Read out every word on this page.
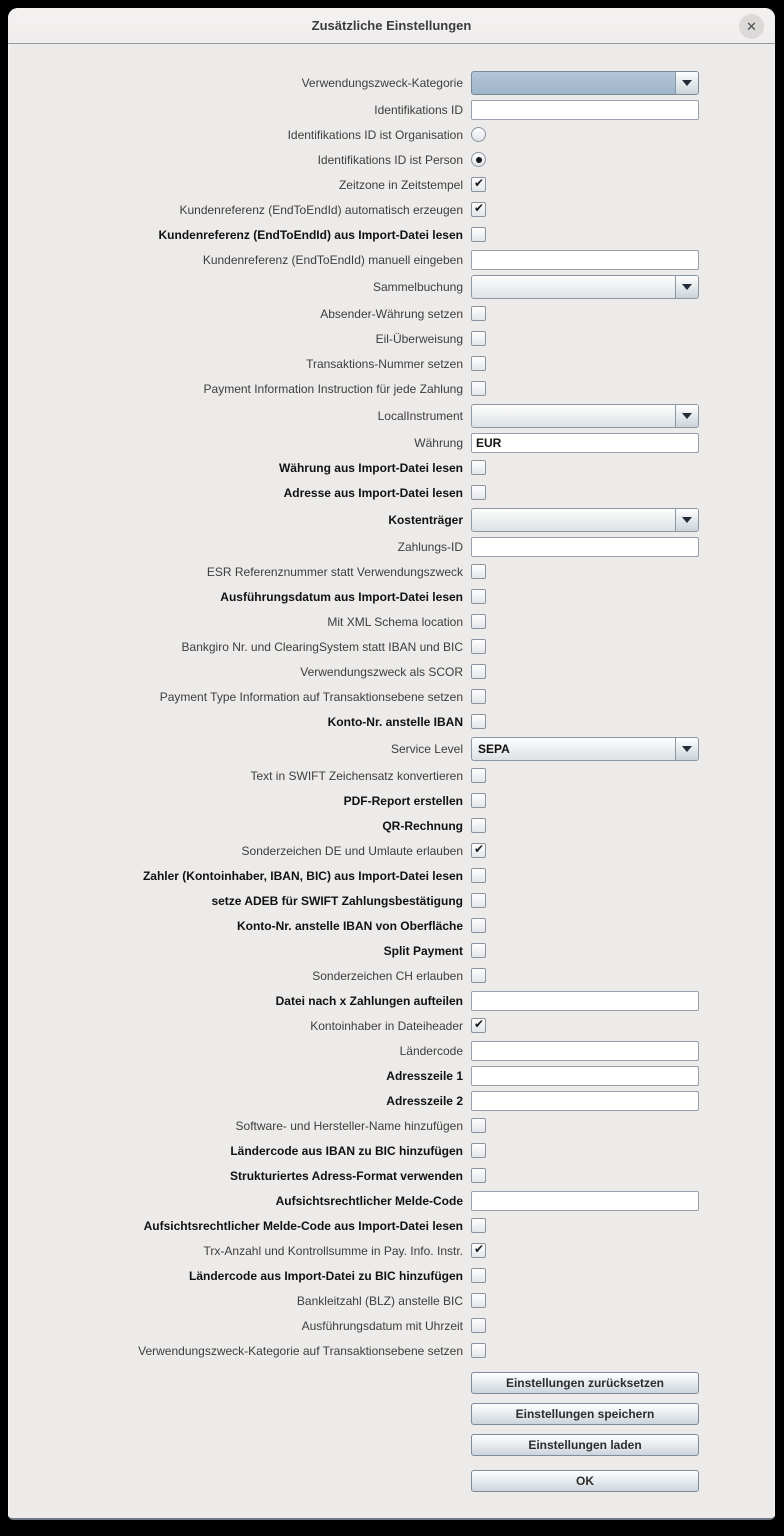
Zusätzliche Einstellungen	✕
Verwendungszweck-Kategorie
Identifikations ID
Identifikations ID ist Organisation
Identifikations ID ist Person
Zeitzone in Zeitstempel ✔
Kundenreferenz (EndToEndId) automatisch erzeugen ✔
Kundenreferenz (EndToEndId) aus Import-Datei lesen
Kundenreferenz (EndToEndId) manuell eingeben
Sammelbuchung
Absender-Währung setzen
Eil-Überweisung
Transaktions-Nummer setzen
Payment Information Instruction für jede Zahlung
LocalInstrument
Währung
EUR
Währung aus Import-Datei lesen
Adresse aus Import-Datei lesen
Kostenträger
Zahlungs-ID
ESR Referenznummer statt Verwendungszweck
Ausführungsdatum aus Import-Datei lesen
Mit XML Schema location
Bankgiro Nr. und ClearingSystem statt IBAN und BIC
Verwendungszweck als SCOR
Payment Type Information auf Transaktionsebene setzen
Konto-Nr. anstelle IBAN
Service Level	SEPA
Text in SWIFT Zeichensatz konvertieren
PDF-Report erstellen
QR-Rechnung
Sonderzeichen DE und Umlaute erlauben ✔
Zahler (Kontoinhaber, IBAN, BIC) aus Import-Datei lesen
setze ADEB für SWIFT Zahlungsbestätigung
Konto-Nr. anstelle IBAN von Oberfläche
Split Payment
Sonderzeichen CH erlauben
Datei nach x Zahlungen aufteilen
Kontoinhaber in Dateiheader ✔
Ländercode
Adresszeile 1
Adresszeile 2
Software- und Hersteller-Name hinzufügen
Ländercode aus IBAN zu BIC hinzufügen
Strukturiertes Adress-Format verwenden
Aufsichtsrechtlicher Melde-Code
Aufsichtsrechtlicher Melde-Code aus Import-Datei lesen
Trx-Anzahl und Kontrollsumme in Pay. Info. Instr. ✔
Ländercode aus Import-Datei zu BIC hinzufügen
Bankleitzahl (BLZ) anstelle BIC
Ausführungsdatum mit Uhrzeit
Verwendungszweck-Kategorie auf Transaktionsebene setzen
Einstellungen zurücksetzen
Einstellungen speichern
Einstellungen laden
OK
